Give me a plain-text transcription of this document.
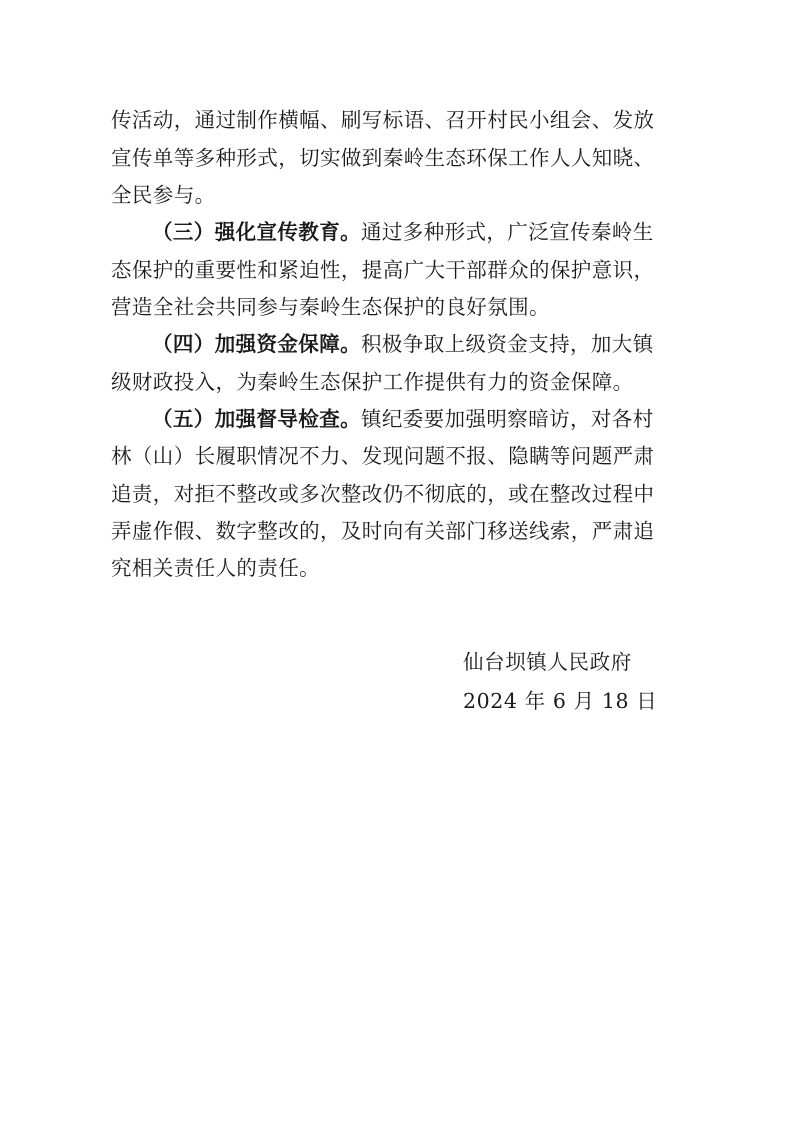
传活动，通过制作横幅、刷写标语、召开村民小组会、发放
宣传单等多种形式，切实做到秦岭生态环保工作人人知晓、
全民参与。
（三）强化宣传教育。通过多种形式，广泛宣传秦岭生
态保护的重要性和紧迫性，提高广大干部群众的保护意识，
营造全社会共同参与秦岭生态保护的良好氛围。
（四）加强资金保障。积极争取上级资金支持，加大镇
级财政投入，为秦岭生态保护工作提供有力的资金保障。
（五）加强督导检查。镇纪委要加强明察暗访，对各村
林（山）长履职情况不力、发现问题不报、隐瞒等问题严肃
追责，对拒不整改或多次整改仍不彻底的，或在整改过程中
弄虚作假、数字整改的，及时向有关部门移送线索，严肃追
究相关责任人的责任。
仙台坝镇人民政府
2024 年 6 月 18 日
